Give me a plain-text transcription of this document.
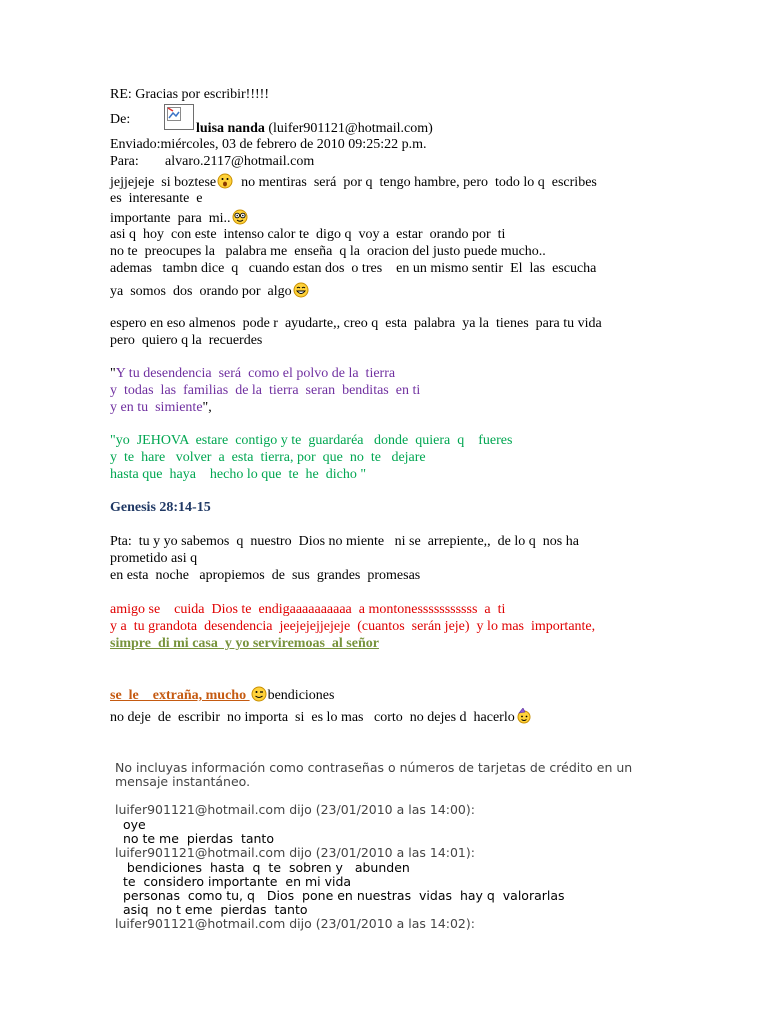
RE: Gracias por escribir!!!!!
De:
luisa nanda (luifer901121@hotmail.com)
Enviado:miércoles, 03 de febrero de 2010 09:25:22 p.m.
Para: alvaro.2117@hotmail.com
jejjejeje  si boztese
no mentiras  será  por q  tengo hambre, pero  todo lo q  escribes
es  interesante  e
importante  para  mi..
asi q  hoy  con este  intenso calor te  digo q  voy a  estar  orando por  ti
no te  preocupes la   palabra me  enseña  q la  oracion del justo puede mucho..
ademas   tambn dice  q   cuando estan dos  o tres    en un mismo sentir  El  las  escucha
ya  somos  dos  orando por  algo
espero en eso almenos  pode r  ayudarte,, creo q  esta  palabra  ya la  tienes  para tu vida
pero  quiero q la  recuerdes
"Y tu desendencia  será  como el polvo de la  tierra
y  todas  las  familias  de la  tierra  seran  benditas  en ti
y en tu  simiente",
"yo  JEHOVA  estare  contigo y te  guardaréa   donde  quiera  q    fueres
y  te  hare   volver  a  esta  tierra, por  que  no  te   dejare
hasta que  haya    hecho lo que  te  he  dicho "
Genesis 28:14-15
Pta:  tu y yo sabemos  q  nuestro  Dios no miente   ni se  arrepiente,,  de lo q  nos ha
prometido asi q
en esta  noche   apropiemos  de  sus  grandes  promesas
amigo se    cuida  Dios te  endigaaaaaaaaaa  a montonesssssssssss  a  ti
y a  tu grandota  desendencia  jeejejejjejeje  (cuantos  serán jeje)  y lo mas  importante,
simpre  di mi casa  y yo serviremoas  al señor
se  le    extraña, mucho
bendiciones
no deje  de  escribir  no importa  si  es lo mas   corto  no dejes d  hacerlo
No incluyas información como contraseñas o números de tarjetas de crédito en un
mensaje instantáneo.
luifer901121@hotmail.com dijo (23/01/2010 a las 14:00):
oye
no te me  pierdas  tanto
luifer901121@hotmail.com dijo (23/01/2010 a las 14:01):
bendiciones  hasta  q  te  sobren y   abunden
te  considero importante  en mi vida
personas  como tu, q   Dios  pone en nuestras  vidas  hay q  valorarlas
asiq  no t eme  pierdas  tanto
luifer901121@hotmail.com dijo (23/01/2010 a las 14:02):
